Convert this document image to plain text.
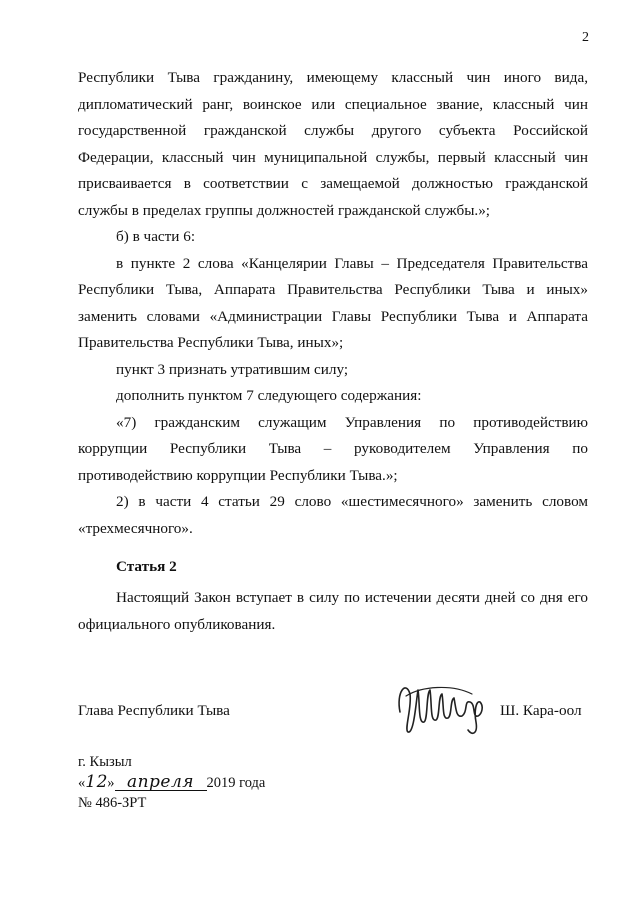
2

Республики Тыва гражданину, имеющему классный чин иного вида, дипломатический ранг, воинское или специальное звание, классный чин государственной гражданской службы другого субъекта Российской Федерации, классный чин муниципальной службы, первый классный чин присваивается в соответствии с замещаемой должностью гражданской службы в пределах группы должностей гражданской службы.»;

б) в части 6:

в пункте 2 слова «Канцелярии Главы – Председателя Правительства Республики Тыва, Аппарата Правительства Республики Тыва и иных» заменить словами «Администрации Главы Республики Тыва и Аппарата Правительства Республики Тыва, иных»;

пункт 3 признать утратившим силу;

дополнить пунктом 7 следующего содержания:

«7) гражданским служащим Управления по противодействию коррупции Республики Тыва – руководителем Управления по противодействию коррупции Республики Тыва.»;

2) в части 4 статьи 29 слово «шестимесячного» заменить словом «трехмесячного».

Статья 2

Настоящий Закон вступает в силу по истечении десяти дней со дня его официального опубликования.

Глава Республики Тыва	Ш. Кара-оол
г. Кызыл
«12» апреля 2019 года
№ 486-ЗРТ
